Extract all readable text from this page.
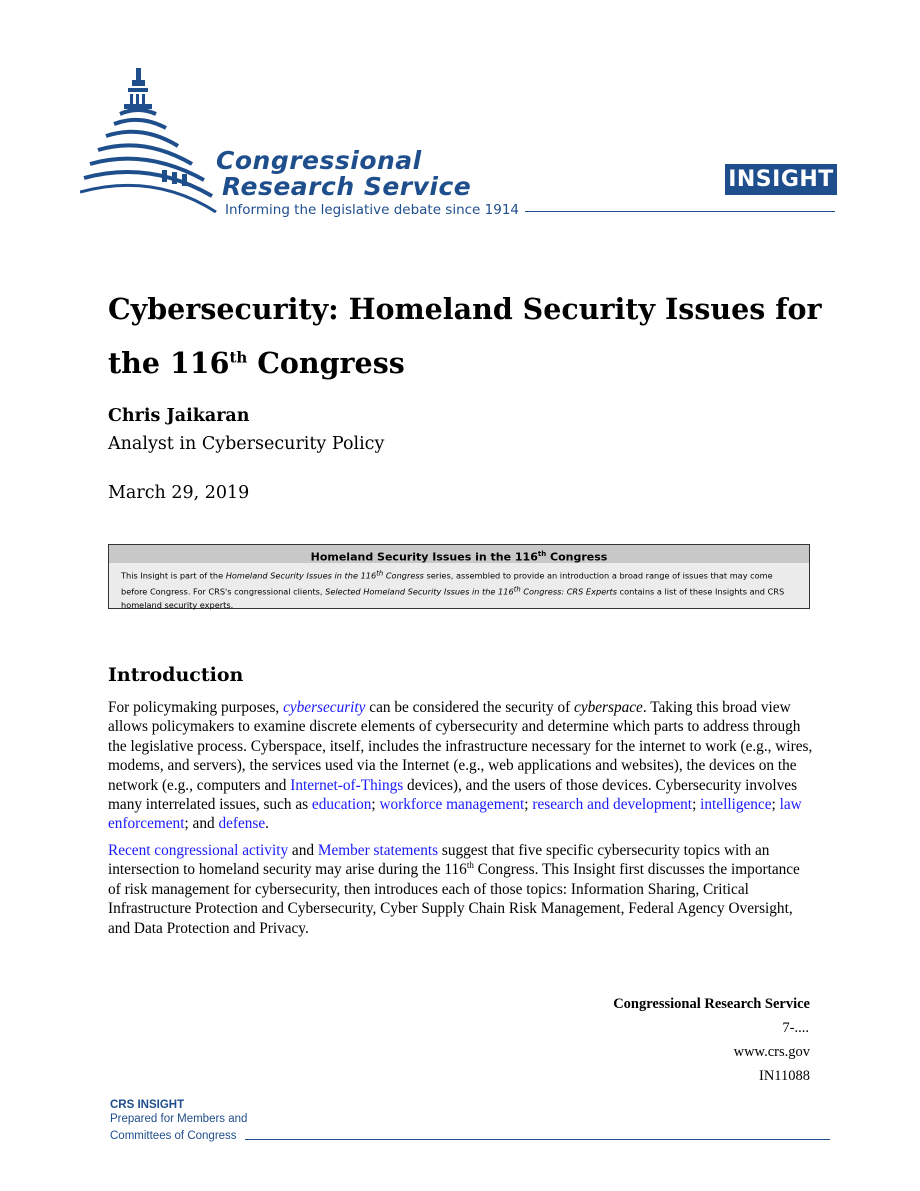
Congressional
Research Service
Informing the legislative debate since 1914
INSIGHT
Cybersecurity: Homeland Security Issues for
the 116th Congress
Chris Jaikaran
Analyst in Cybersecurity Policy
March 29, 2019
Homeland Security Issues in the 116th Congress
This Insight is part of the Homeland Security Issues in the 116th Congress series, assembled to provide an introduction a broad range of issues that may come before Congress. For CRS's congressional clients, Selected Homeland Security Issues in the 116th Congress: CRS Experts contains a list of these Insights and CRS homeland security experts.
Introduction

For policymaking purposes, cybersecurity can be considered the security of cyberspace. Taking this broad view allows policymakers to examine discrete elements of cybersecurity and determine which parts to address through the legislative process. Cyberspace, itself, includes the infrastructure necessary for the internet to work (e.g., wires, modems, and servers), the services used via the Internet (e.g., web applications and websites), the devices on the network (e.g., computers and Internet-of-Things devices), and the users of those devices. Cybersecurity involves many interrelated issues, such as education; workforce management; research and development; intelligence; law enforcement; and defense.

Recent congressional activity and Member statements suggest that five specific cybersecurity topics with an intersection to homeland security may arise during the 116th Congress. This Insight first discusses the importance of risk management for cybersecurity, then introduces each of those topics: Information Sharing, Critical Infrastructure Protection and Cybersecurity, Cyber Supply Chain Risk Management, Federal Agency Oversight, and Data Protection and Privacy.

Congressional Research Service
7-....
www.crs.gov
IN11088
CRS INSIGHT
Prepared for Members and
Committees of Congress
